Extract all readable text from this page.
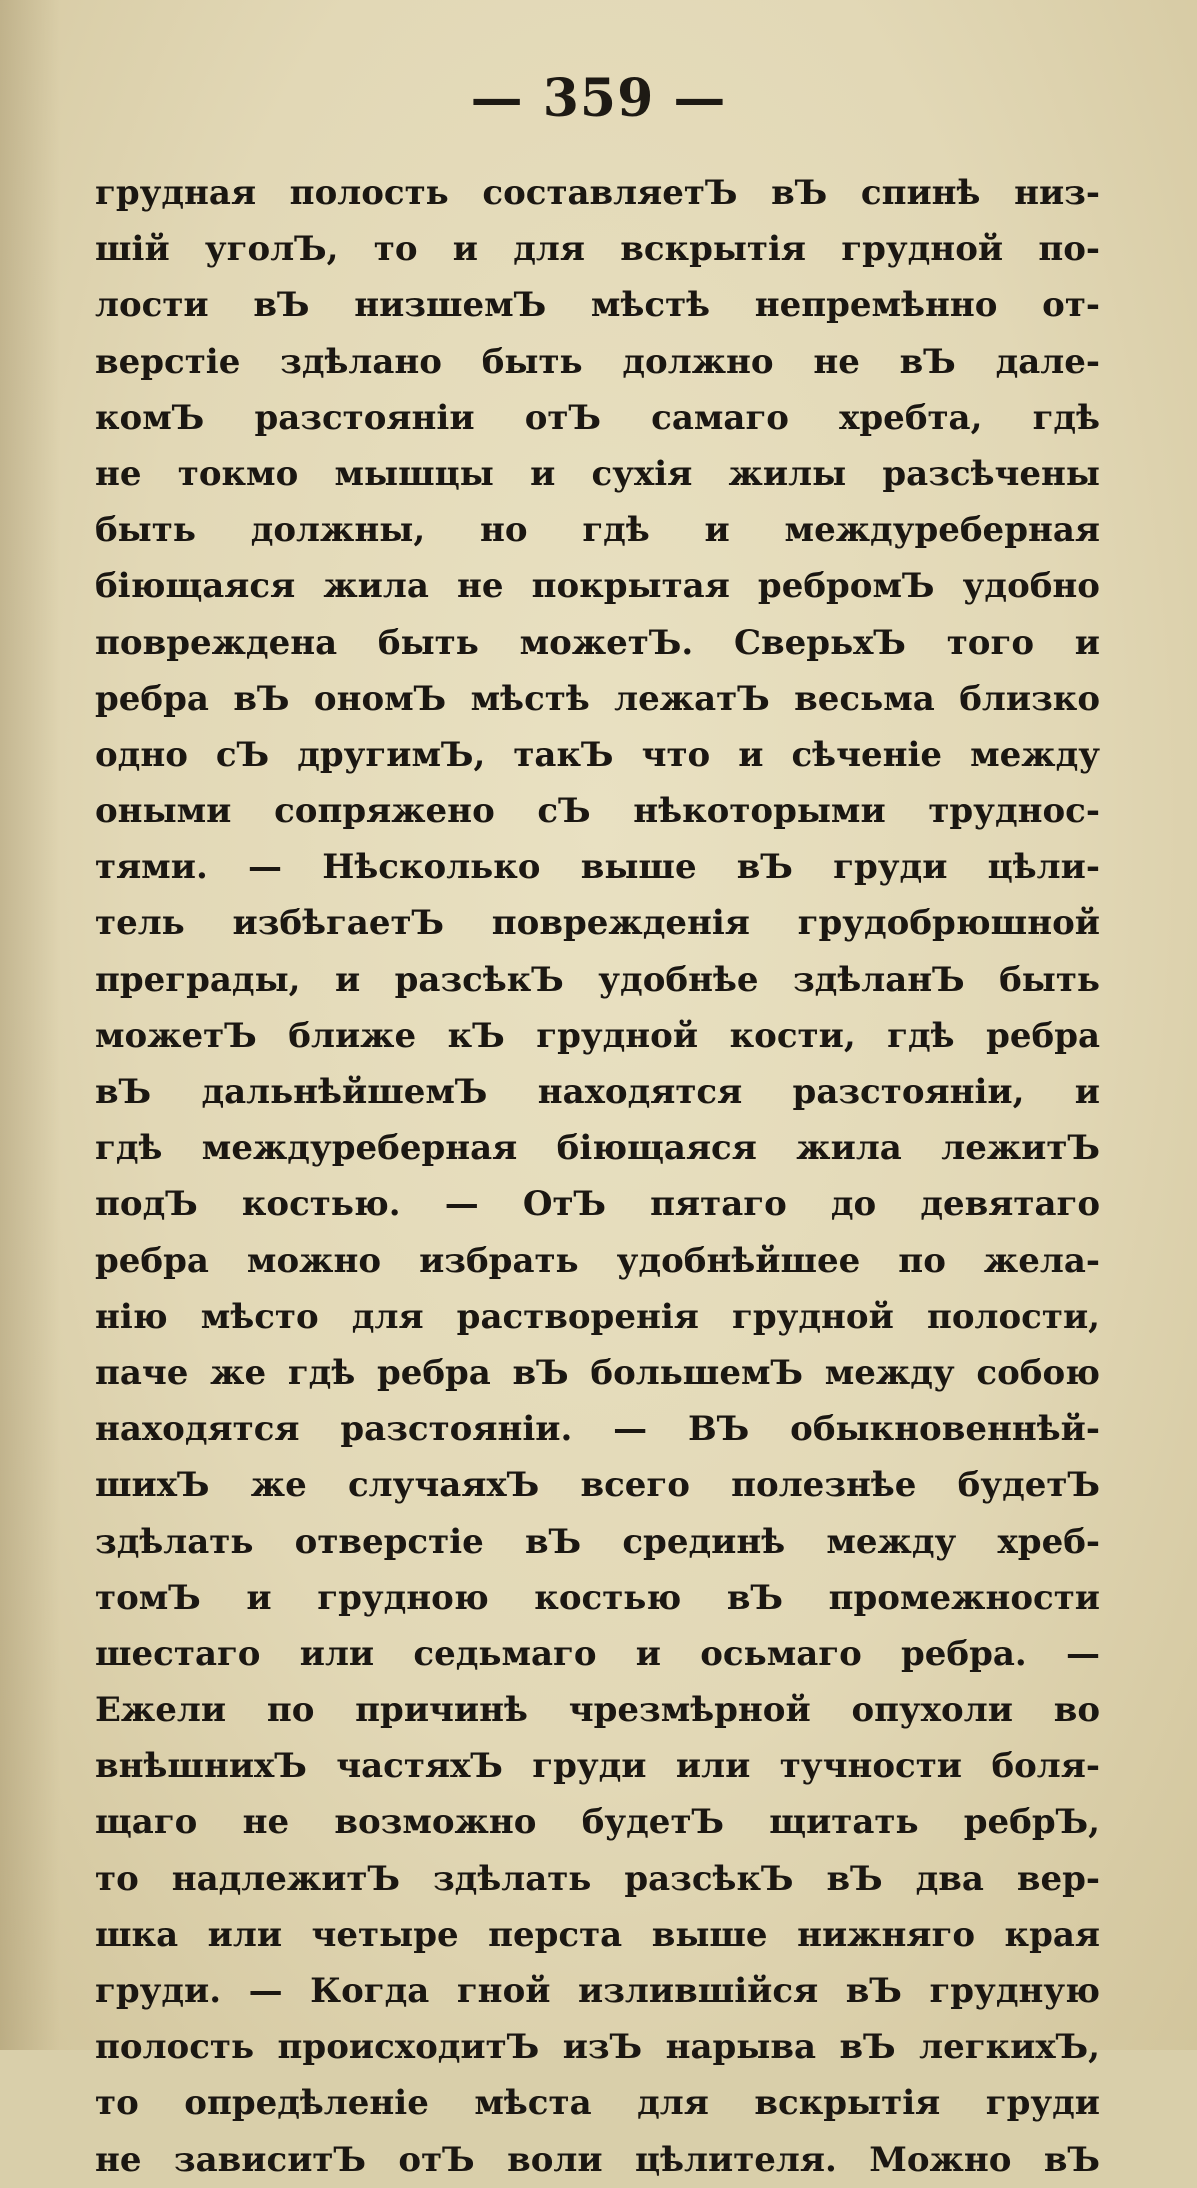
— 359 —

грудная полость составляетЪ вЪ спинѣ низ-
шій уголЪ, то и для вскрытія грудной по-
лости вЪ низшемЪ мѣстѣ непремѣнно от-
верстіе здѣлано быть должно не вЪ дале-
комЪ разстояніи отЪ самаго хребта, гдѣ
не токмо мышцы и сухія жилы разсѣчены
быть должны, но гдѣ и междуреберная
біющаяся жила не покрытая ребромЪ удобно
повреждена быть можетЪ. СверьхЪ того и
ребра вЪ ономЪ мѣстѣ лежатЪ весьма близко
одно сЪ другимЪ, такЪ что и сѣченіе между
оными сопряжено сЪ нѣкоторыми труднос-
тями. — Нѣсколько выше вЪ груди цѣли-
тель избѣгаетЪ поврежденія грудобрюшной
преграды, и разсѣкЪ удобнѣе здѣланЪ быть
можетЪ ближе кЪ грудной кости, гдѣ ребра
вЪ дальнѣйшемЪ находятся разстояніи, и
гдѣ междуреберная біющаяся жила лежитЪ
подЪ костью. — ОтЪ пятаго до девятаго
ребра можно избрать удобнѣйшее по жела-
нію мѣсто для растворенія грудной полости,
паче же гдѣ ребра вЪ большемЪ между собою
находятся разстояніи. — ВЪ обыкновеннѣй-
шихЪ же случаяхЪ всего полезнѣе будетЪ
здѣлать отверстіе вЪ срединѣ между хреб-
томЪ и грудною костью вЪ промежности
шестаго или седьмаго и осьмаго ребра. —
Ежели по причинѣ чрезмѣрной опухоли во
внѣшнихЪ частяхЪ груди или тучности боля-
щаго не возможно будетЪ щитать ребрЪ,
то надлежитЪ здѣлать разсѣкЪ вЪ два вер-
шка или четыре перста выше нижняго края
груди. — Когда гной излившійся вЪ грудную
полость происходитЪ изЪ нарыва вЪ легкихЪ,
то опредѣленіе мѣста для вскрытія груди
не зависитЪ отЪ воли цѣлителя. Можно вЪ
